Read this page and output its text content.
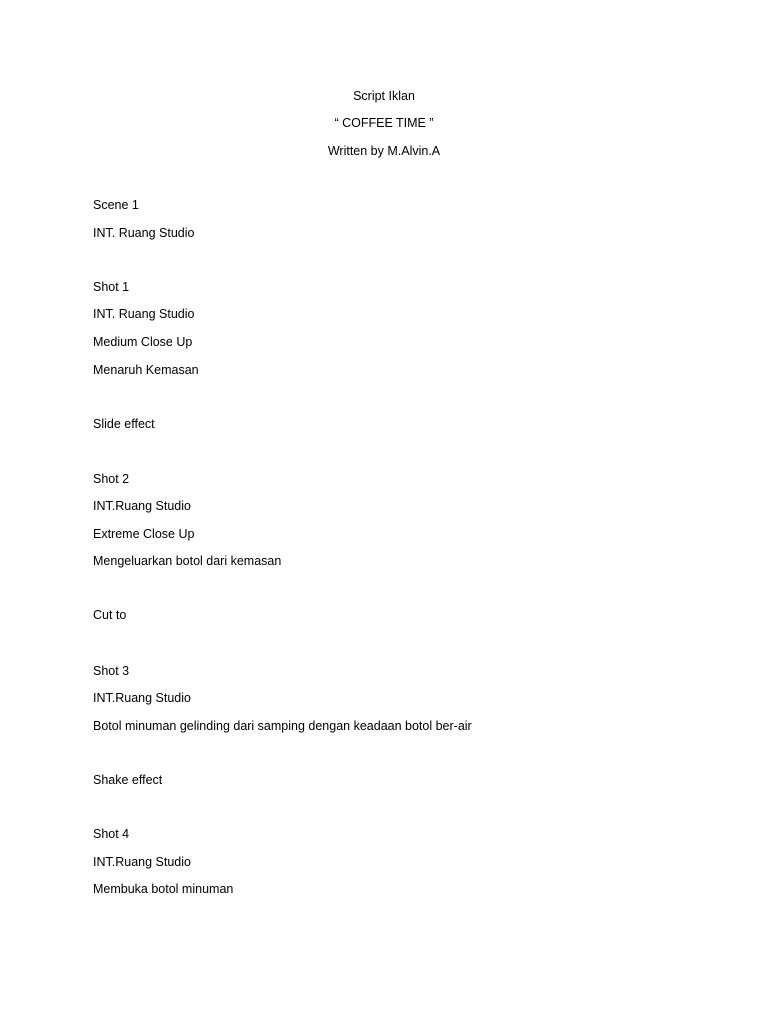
Script Iklan
“ COFFEE TIME ”
Written by M.Alvin.A
Scene 1
INT. Ruang Studio
Shot 1
INT. Ruang Studio
Medium Close Up
Menaruh Kemasan
Slide effect
Shot 2
INT.Ruang Studio
Extreme Close Up
Mengeluarkan botol dari kemasan
Cut to
Shot 3
INT.Ruang Studio
Botol minuman gelinding dari samping dengan keadaan botol ber-air
Shake effect
Shot 4
INT.Ruang Studio
Membuka botol minuman
